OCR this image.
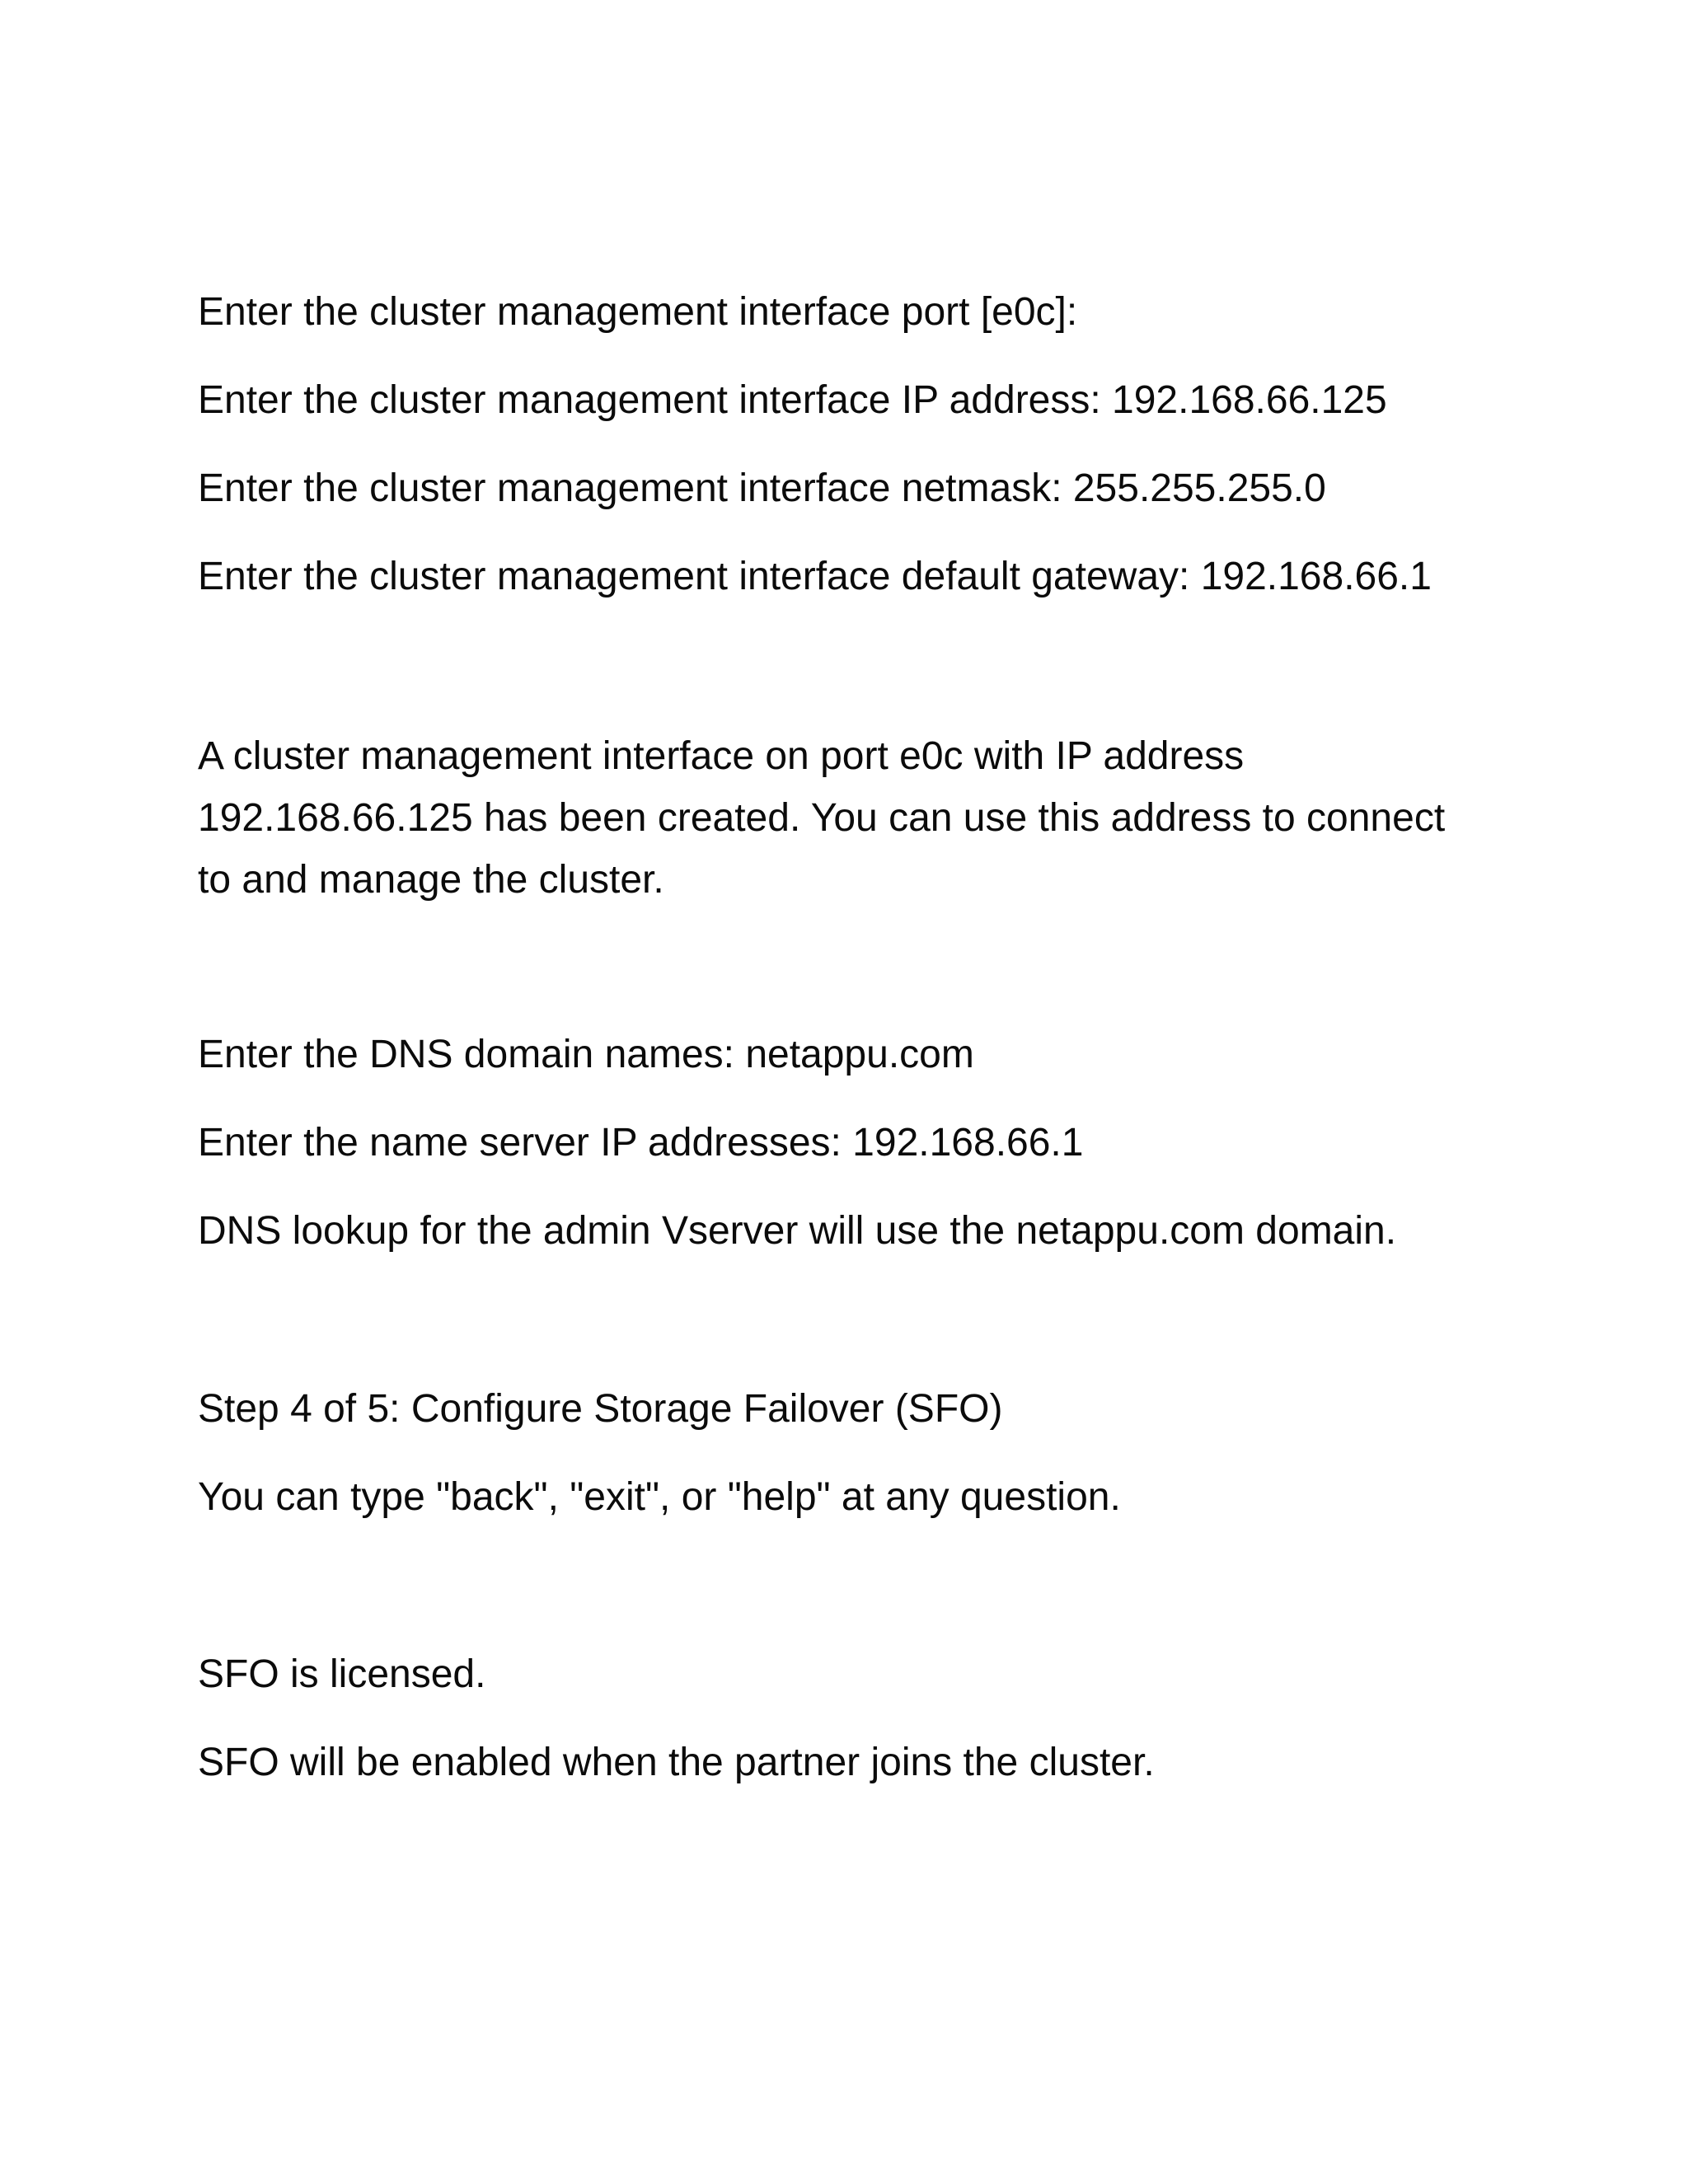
Enter the cluster management interface port [e0c]:

Enter the cluster management interface IP address: 192.168.66.125

Enter the cluster management interface netmask: 255.255.255.0

Enter the cluster management interface default gateway: 192.168.66.1

A cluster management interface on port e0c with IP address
192.168.66.125 has been created. You can use this address to connect
to and manage the cluster.

Enter the DNS domain names: netappu.com

Enter the name server IP addresses: 192.168.66.1

DNS lookup for the admin Vserver will use the netappu.com domain.

Step 4 of 5: Configure Storage Failover (SFO)

You can type "back", "exit", or "help" at any question.

SFO is licensed.

SFO will be enabled when the partner joins the cluster.
